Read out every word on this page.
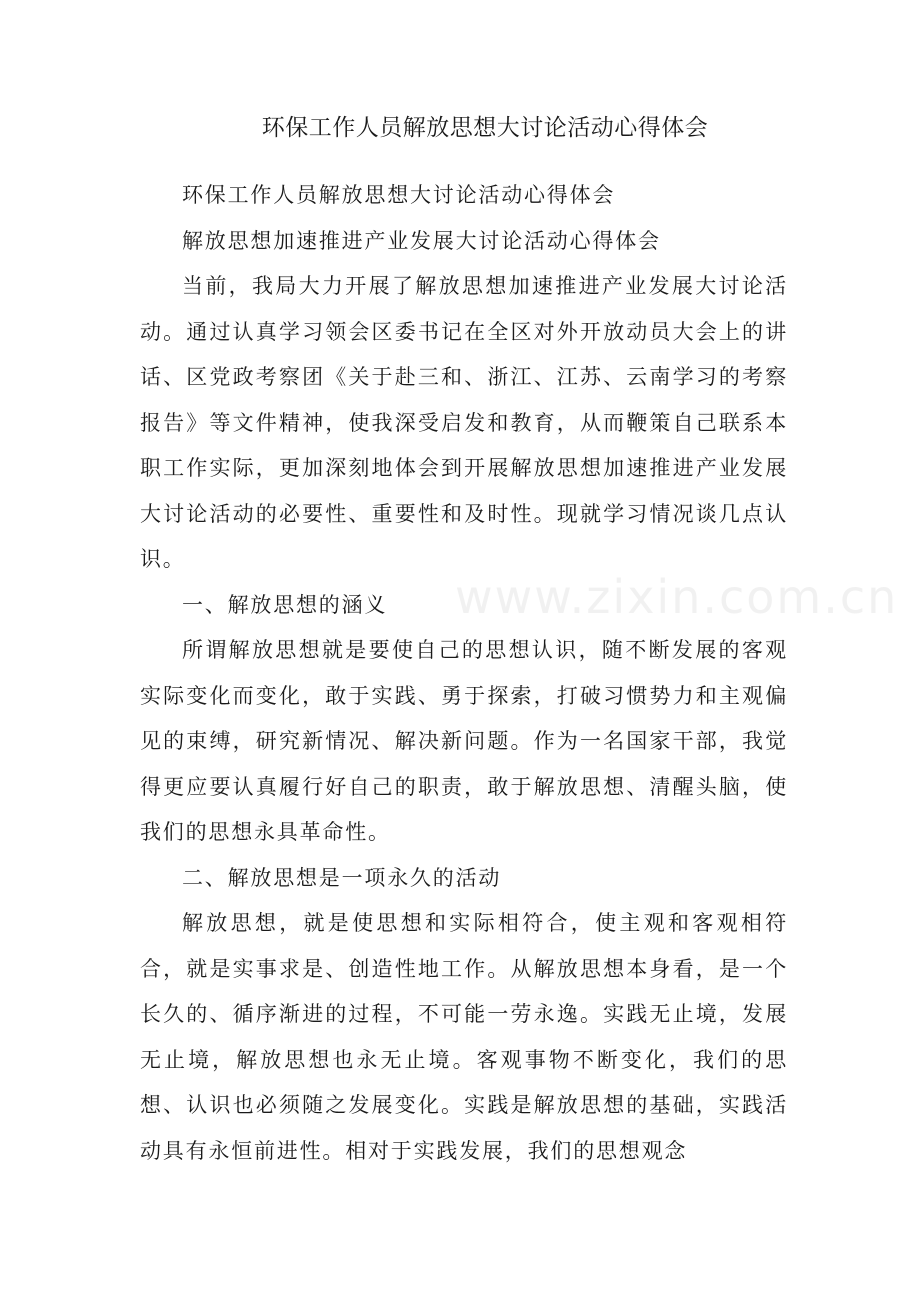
环保工作人员解放思想大讨论活动心得体会

环保工作人员解放思想大讨论活动心得体会

解放思想加速推进产业发展大讨论活动心得体会

当前，我局大力开展了解放思想加速推进产业发展大讨论活动。通过认真学习领会区委书记在全区对外开放动员大会上的讲话、区党政考察团《关于赴三和、浙江、江苏、云南学习的考察报告》等文件精神，使我深受启发和教育，从而鞭策自己联系本职工作实际，更加深刻地体会到开展解放思想加速推进产业发展大讨论活动的必要性、重要性和及时性。现就学习情况谈几点认识。

一、解放思想的涵义

所谓解放思想就是要使自己的思想认识，随不断发展的客观实际变化而变化，敢于实践、勇于探索，打破习惯势力和主观偏见的束缚，研究新情况、解决新问题。作为一名国家干部，我觉得更应要认真履行好自己的职责，敢于解放思想、清醒头脑，使我们的思想永具革命性。

二、解放思想是一项永久的活动

解放思想，就是使思想和实际相符合，使主观和客观相符合，就是实事求是、创造性地工作。从解放思想本身看，是一个长久的、循序渐进的过程，不可能一劳永逸。实践无止境，发展无止境，解放思想也永无止境。客观事物不断变化，我们的思想、认识也必须随之发展变化。实践是解放思想的基础，实践活动具有永恒前进性。相对于实践发展，我们的思想观念

www.zixin.com.cn
